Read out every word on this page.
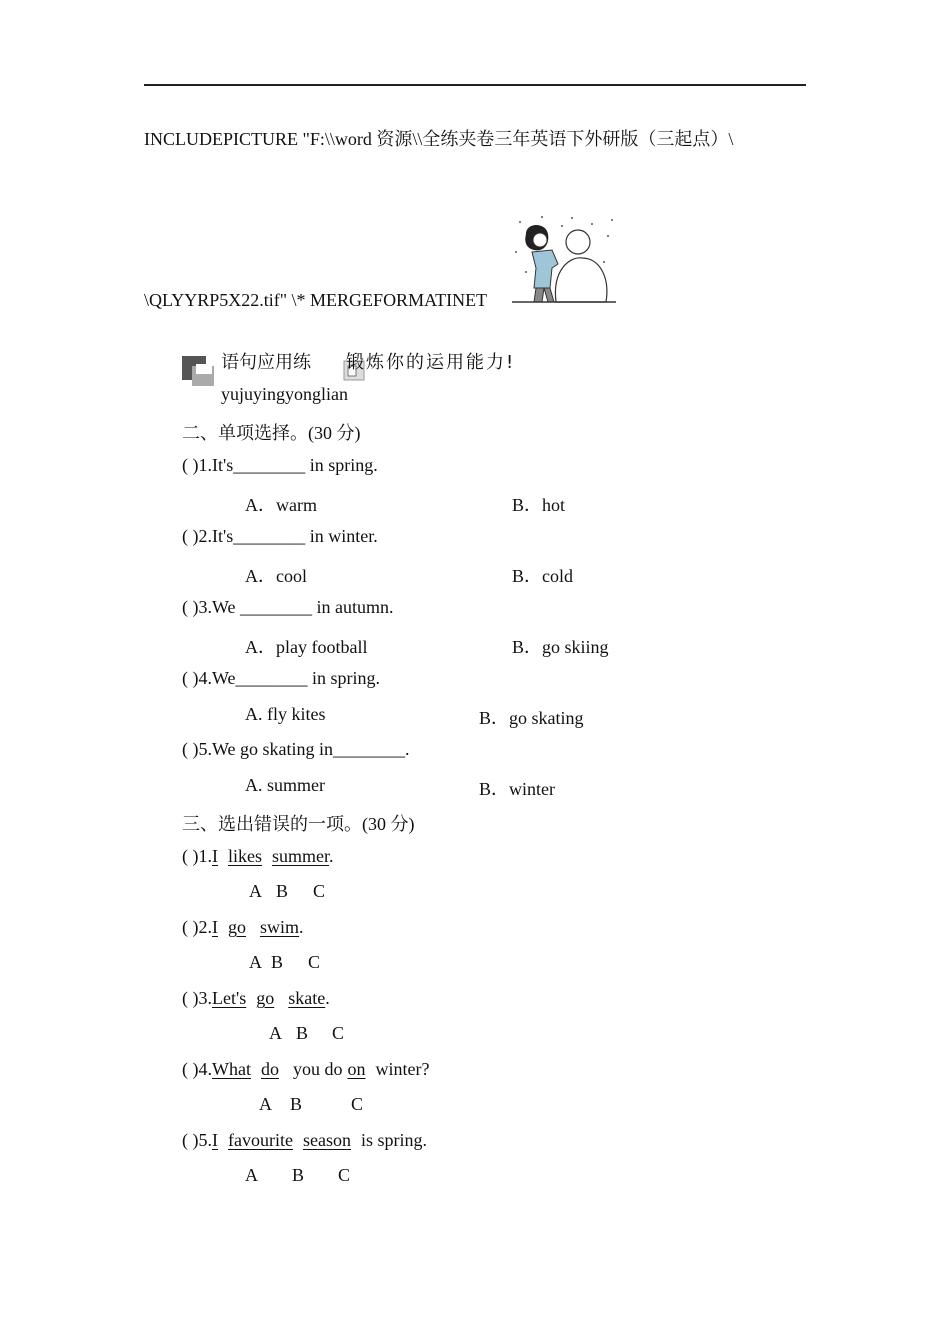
INCLUDEPICTURE "F:\\word 资源\\全练夹卷三年英语下外研版（三起点）\
\QLYYRP5X22.tif" \* MERGEFORMATINET
语句应用练 锻炼你的运用能力!
yujuyingyonglian
二、单项选择。(30 分)
( )1.It's________ in spring.
A．warm	B．hot
( )2.It's________ in winter.
A．cool	B．cold
( )3.We ________ in autumn.
A．play football	B．go skiing
( )4.We________ in spring.
A. fly kites	B．go skating
( )5.We go skating in________.
A. summer	B．winter
三、选出错误的一项。(30 分)
( )1.I likes summer.
A B C
( )2.I go swim.
A B C
( )3.Let's go skate.
A B C
( )4.What do you do on winter?
A B	C
( )5.I favourite season is spring.
A B C
